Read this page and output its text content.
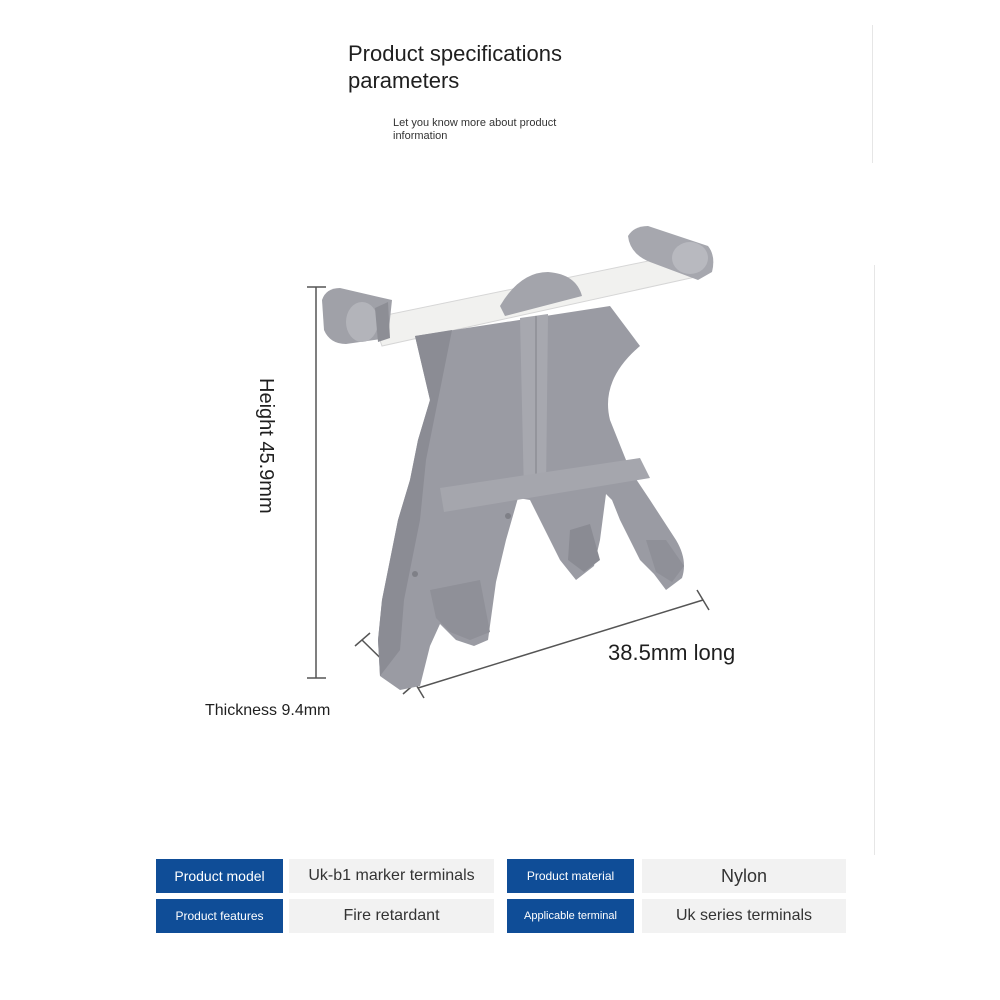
Product specifications parameters
Let you know more about product information
Height 45.9mm
38.5mm long
Thickness 9.4mm
Product model	Uk-b1 marker terminals	Product material	Nylon
Product features	Fire retardant	Applicable terminal	Uk series terminals
